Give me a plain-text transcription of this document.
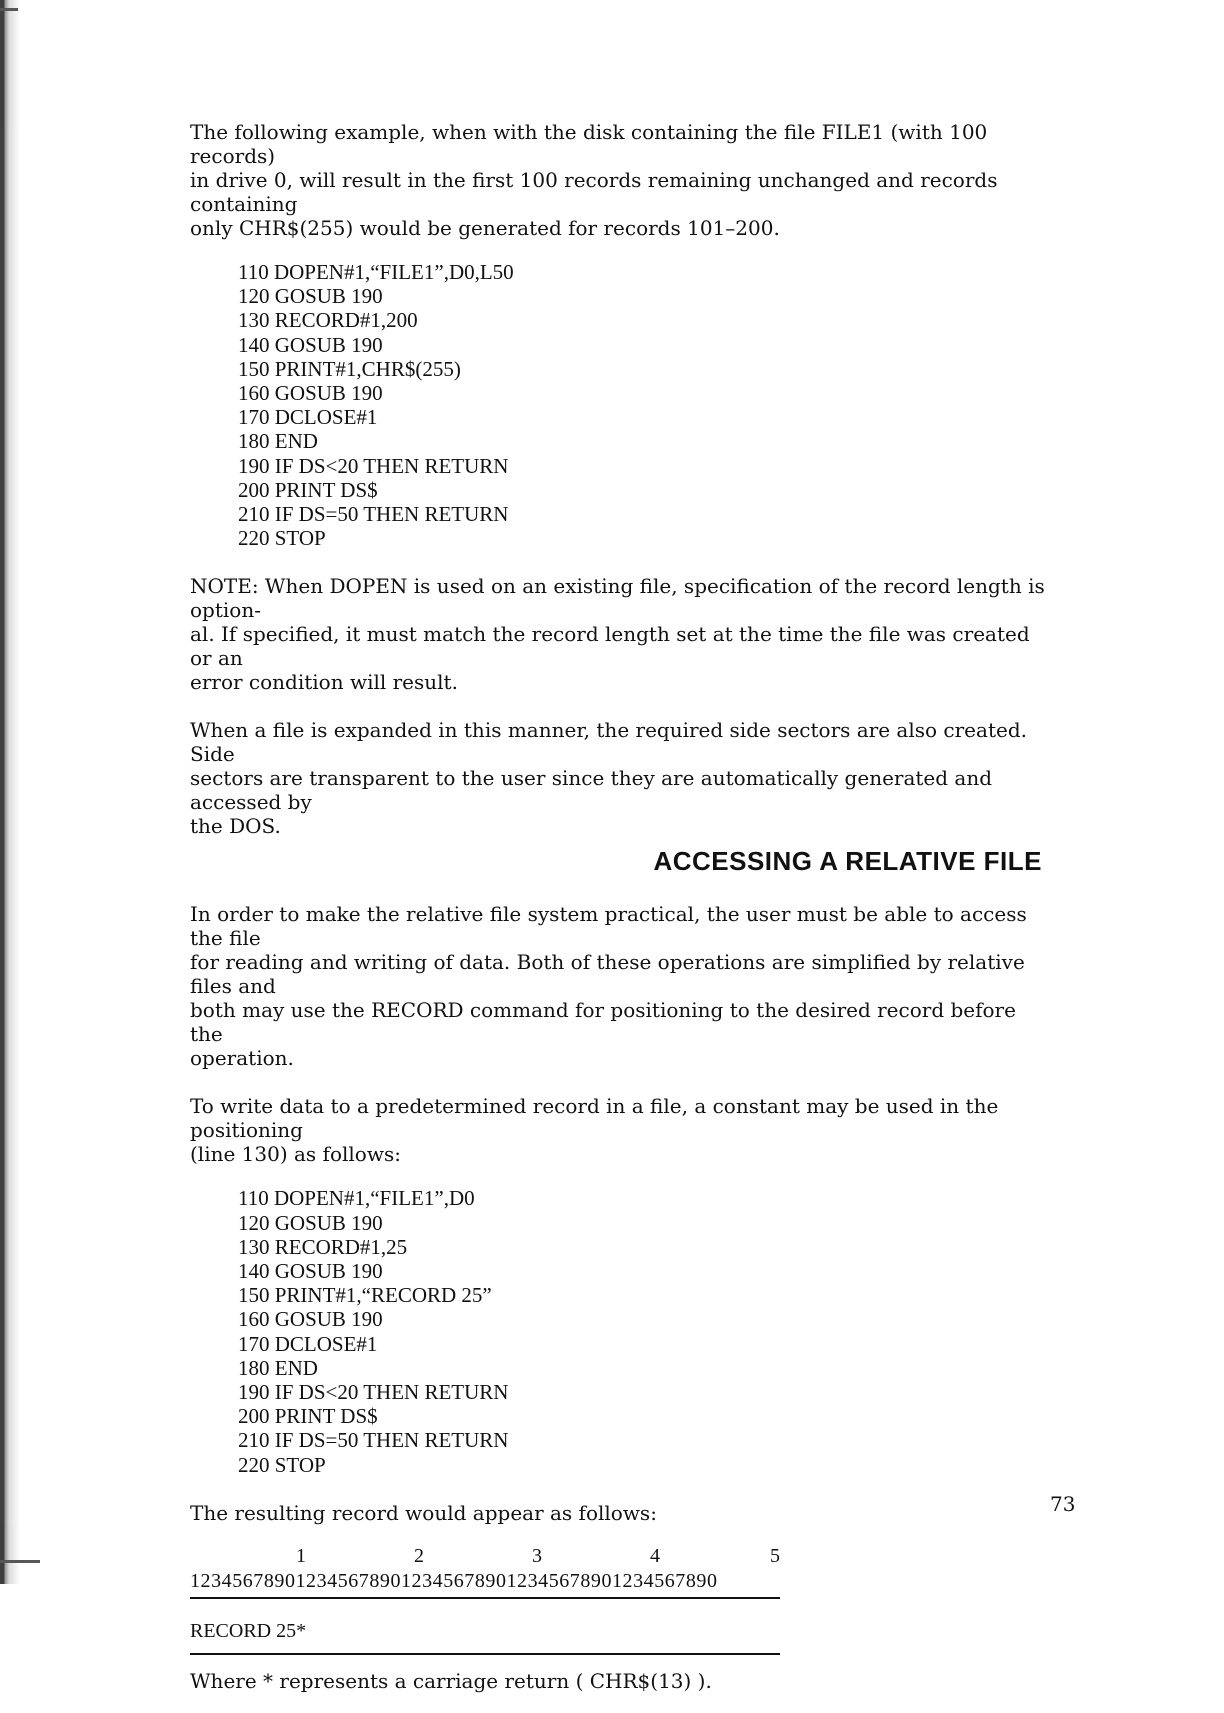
The following example, when with the disk containing the file FILE1 (with 100 records)
in drive 0, will result in the first 100 records remaining unchanged and records containing
only CHR$(255) would be generated for records 101–200.

110 DOPEN#1,“FILE1”,D0,L50
120 GOSUB 190
130 RECORD#1,200
140 GOSUB 190
150 PRINT#1,CHR$(255)
160 GOSUB 190
170 DCLOSE#1
180 END
190 IF DS<20 THEN RETURN
200 PRINT DS$
210 IF DS=50 THEN RETURN
220 STOP

NOTE: When DOPEN is used on an existing file, specification of the record length is option-
al. If specified, it must match the record length set at the time the file was created or an
error condition will result.

When a file is expanded in this manner, the required side sectors are also created. Side
sectors are transparent to the user since they are automatically generated and accessed by
the DOS.

ACCESSING A RELATIVE FILE

In order to make the relative file system practical, the user must be able to access the file
for reading and writing of data. Both of these operations are simplified by relative files and
both may use the RECORD command for positioning to the desired record before the
operation.

To write data to a predetermined record in a file, a constant may be used in the positioning
(line 130) as follows:

110 DOPEN#1,“FILE1”,D0
120 GOSUB 190
130 RECORD#1,25
140 GOSUB 190
150 PRINT#1,“RECORD 25”
160 GOSUB 190
170 DCLOSE#1
180 END
190 IF DS<20 THEN RETURN
200 PRINT DS$
210 IF DS=50 THEN RETURN
220 STOP

The resulting record would appear as follows:

1	2	3	4	5
12345678901234567890123456789012345678901234567890
RECORD 25*

Where * represents a carriage return ( CHR$(13) ).

73
